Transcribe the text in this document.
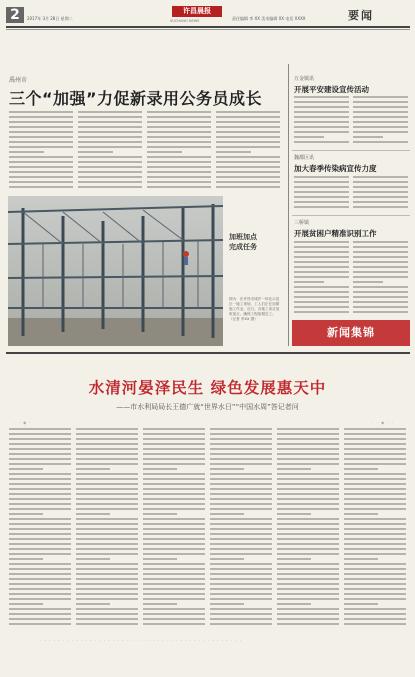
2	2017年 3月 28日 星期二
许昌晨报
XUCHANG NEWS	责任编辑 李 XX 美术编辑 XX 电话 XXXX	要闻
禹州市
三个“加强”力促新录用公务员成长
加班加点
完成任务
图为：在许昌市城乡一体化示范区一施工现场，工人们正在加紧施工作业。近日，各施工项目加班加点，确保工程如期完工。（记者 李XX 摄）
万金镇讯
开展平安建设宣传活动
魏都区讯
加大春季传染病宣传力度
三桥镇
开展贫困户精准识别工作
新闻集锦
水清河晏泽民生 绿色发展惠天中
——市水利局局长王德广就“世界水日”“中国水周”答记者问
· · ◆ · ·	· · ◆ · ·
· · · · · · · · · · · · · · · · · · · · · · · · · · · · · · · · · · · · · · · · · · · · ·
